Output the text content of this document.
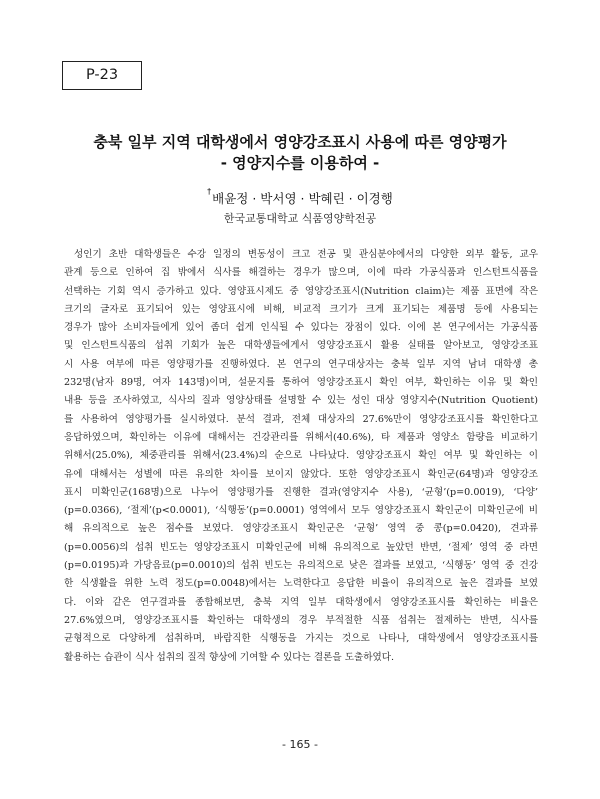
P-23
충북 일부 지역 대학생에서 영양강조표시 사용에 따른 영양평가
- 영양지수를 이용하여 -
†배윤정 · 박서영 · 박혜린 · 이경행
한국교통대학교 식품영양학전공
성인기 초반 대학생들은 수강 일정의 변동성이 크고 전공 및 관심분야에서의 다양한 외부 활동, 교우
관계 등으로 인하여 집 밖에서 식사를 해결하는 경우가 많으며, 이에 따라 가공식품과 인스턴트식품을
선택하는 기회 역시 증가하고 있다. 영양표시제도 중 영양강조표시(Nutrition claim)는 제품 표면에 작은
크기의 글자로 표기되어 있는 영양표시에 비해, 비교적 크기가 크게 표기되는 제품명 등에 사용되는
경우가 많아 소비자들에게 있어 좀더 쉽게 인식될 수 있다는 장점이 있다. 이에 본 연구에서는 가공식품
및 인스턴트식품의 섭취 기회가 높은 대학생들에게서 영양강조표시 활용 실태를 알아보고, 영양강조표
시 사용 여부에 따른 영양평가를 진행하였다. 본 연구의 연구대상자는 충북 일부 지역 남녀 대학생 총
232명(남자 89명, 여자 143명)이며, 설문지를 통하여 영양강조표시 확인 여부, 확인하는 이유 및 확인
내용 등을 조사하였고, 식사의 질과 영양상태를 설명할 수 있는 성인 대상 영양지수(Nutrition Quotient)
를 사용하여 영양평가를 실시하였다. 분석 결과, 전체 대상자의 27.6%만이 영양강조표시를 확인한다고
응답하였으며, 확인하는 이유에 대해서는 건강관리를 위해서(40.6%), 타 제품과 영양소 함량을 비교하기
위해서(25.0%), 체중관리를 위해서(23.4%)의 순으로 나타났다. 영양강조표시 확인 여부 및 확인하는 이
유에 대해서는 성별에 따른 유의한 차이를 보이지 않았다. 또한 영양강조표시 확인군(64명)과 영양강조
표시 미확인군(168명)으로 나누어 영양평가를 진행한 결과(영양지수 사용), ‘균형’(p=0.0019), ‘다양’
(p=0.0366), ‘절제’(p<0.0001), ‘식행동’(p=0.0001) 영역에서 모두 영양강조표시 확인군이 미확인군에 비
해 유의적으로 높은 점수를 보였다. 영양강조표시 확인군은 ‘균형’ 영역 중 콩(p=0.0420), 견과류
(p=0.0056)의 섭취 빈도는 영양강조표시 미확인군에 비해 유의적으로 높았던 반면, ‘절제’ 영역 중 라면
(p=0.0195)과 가당음료(p=0.0010)의 섭취 빈도는 유의적으로 낮은 결과를 보였고, ‘식행동’ 영역 중 건강
한 식생활을 위한 노력 정도(p=0.0048)에서는 노력한다고 응답한 비율이 유의적으로 높은 결과를 보였
다. 이와 같은 연구결과를 종합해보면, 충북 지역 일부 대학생에서 영양강조표시를 확인하는 비율은
27.6%였으며, 영양강조표시를 확인하는 대학생의 경우 부적절한 식품 섭취는 절제하는 반면, 식사를
균형적으로 다양하게 섭취하며, 바람직한 식행동을 가지는 것으로 나타나, 대학생에서 영양강조표시를
활용하는 습관이 식사 섭취의 질적 향상에 기여할 수 있다는 결론을 도출하였다.
- 165 -
